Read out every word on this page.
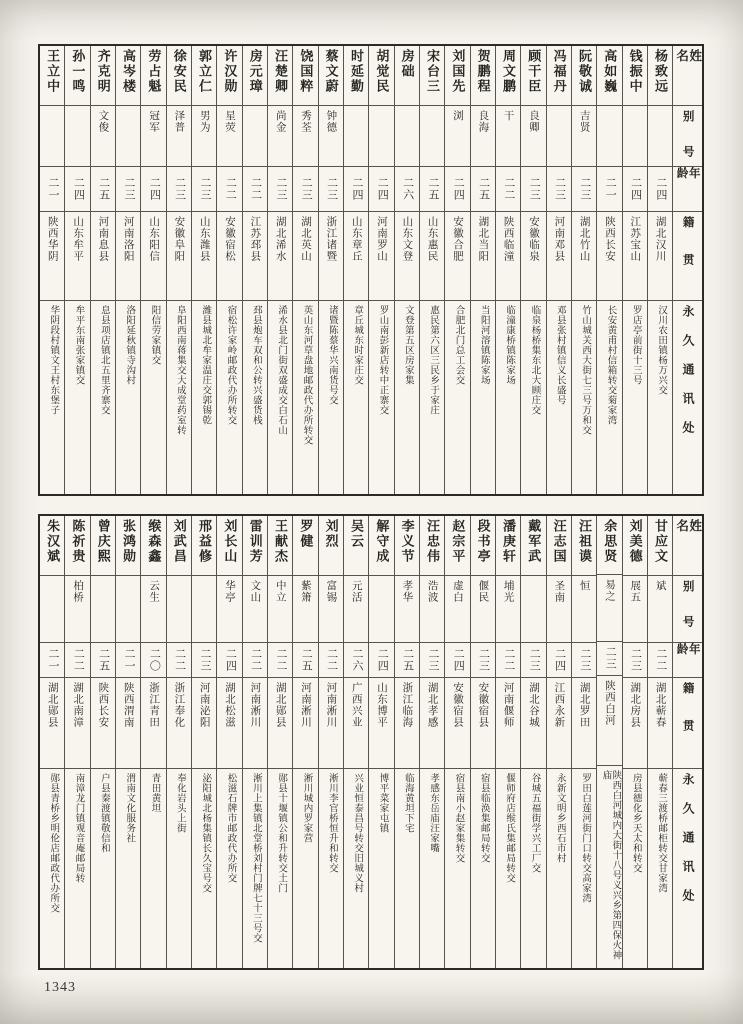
姓 名
别 号
年 龄
籍 贯
永久通讯处
杨致远
二四
湖北汉川
汉川农田镇杨万兴交
钱振中
二四
江苏宝山
罗店亭前街十三号
高如巍
二一
陕西长安
长安黄甫村信箱转交菊家湾
阮敬诚
吉贤
二三
湖北竹山
竹山城关西大街七三号万和交
冯福丹
二三
河南邓县
邓县张村镇信义长盛号
顾干臣
良卿
二三
安徽临泉
临泉杨桥集东北大顾庄交
周文鹏
干
二二
陕西临潼
临潼康桥镇陈家场
贺鹏程
良海
二五
湖北当阳
当阳河溶镇陈家场
刘国先
浏
二四
安徽合肥
合肥北门总工会交
宋台三
二五
山东惠民
惠民第六区三民乡于家庄
房础
二六
山东文登
文登第五区房家集
胡觉民
二四
河南罗山
罗山南彭新店转中正寨交
时延勤
二四
山东章丘
章丘城东时家庄交
蔡文蔚
钟德
二三
浙江诸暨
诸暨陈蔡华兴南货号交
饶国粹
秀荃
二三
湖北英山
英山东河草盘地邮政代办所转交
汪楚卿
尚金
二三
湖北浠水
浠水县北门街双盛成交白石山
房元璋
二二
江苏邳县
邳县炮车双和公转兴盛货栈
许汉勋
星荧
二二
安徽宿松
宿松许家岭邮政代办所转交
郭立仁
男为
二三
山东潍县
潍县城北牟家温庄交郭锡乾
徐安民
泽普
二三
安徽阜阳
阜阳西南蒋集交大成堂药室转
劳占魁
冠军
二四
山东阳信
阳信劳家镇交
高岑楼
二三
河南洛阳
洛阳延秋镇寺沟村
齐克明
文俊
二五
河南息县
息县项店镇北五里齐寨交
孙一鸣
二四
山东牟平
牟平东南张家镇交
王立中
二一
陕西华阴
华阴段村镇文王村东堡子
姓 名
别 号
年 龄
籍 贯
永久通讯处
甘应文
斌
二二
湖北蕲春
蕲春三渡桥邮柜转交甘家湾
刘美德
展五
二三
湖北房县
房县德化乡天太和转交
余思贤
易之
二三
陕西白河
陕西白河城内大街十八号义兴乡第四保火神庙
汪祖谟
恒
二三
湖北罗田
罗田白莲河街门口转交高家湾
汪志国
圣南
二四
江西永新
永新文明乡西石市村
戴军武
二三
湖北谷城
谷城五福街学兴工厂交
潘庚轩
埔光
二二
河南偃师
偃师府店缑氏集邮局转交
段书亭
偃民
二三
安徽宿县
宿县临涣集邮局转交
赵宗平
虚白
二四
安徽宿县
宿县南小赵家集转交
汪忠伟
浩波
二三
湖北孝感
孝感东岳庙汪家嘴
李义节
孝华
二五
浙江临海
临海黄坦下宅
解守成
二四
山东博平
博平菜家屯镇
吴云
元活
二六
广西兴业
兴业恒泰昌号转交旧城义村
刘烈
富锡
二二
河南淅川
淅川李官桥恒升和转交
罗健
紫箫
二五
河南淅川
淅川城内罗家营
王献杰
中立
二二
湖北郧县
郧县十堰镇公和升转交土门
雷训芳
文山
二二
河南淅川
淅川上集镇北堂桥刘村门牌七十三号交
刘长山
华亭
二四
湖北松滋
松滋石牌市邮政代办所交
邢益修
二三
河南泌阳
泌阳城北杨集镇长久宝号交
刘武昌
二二
浙江奉化
奉化岩头上街
缑森鑫
云生
二〇
浙江青田
青田黄坦
张鸿勋
二一
陕西渭南
渭南文化服务社
曾庆熙
二五
陕西长安
户县秦渡镇敬信和
陈祈贵
柏桥
二二
湖北南漳
南漳龙门镇观音庵邮局转
朱汉斌
二一
湖北郧县
郧县青桥乡明伦店邮政代办所交
1343
